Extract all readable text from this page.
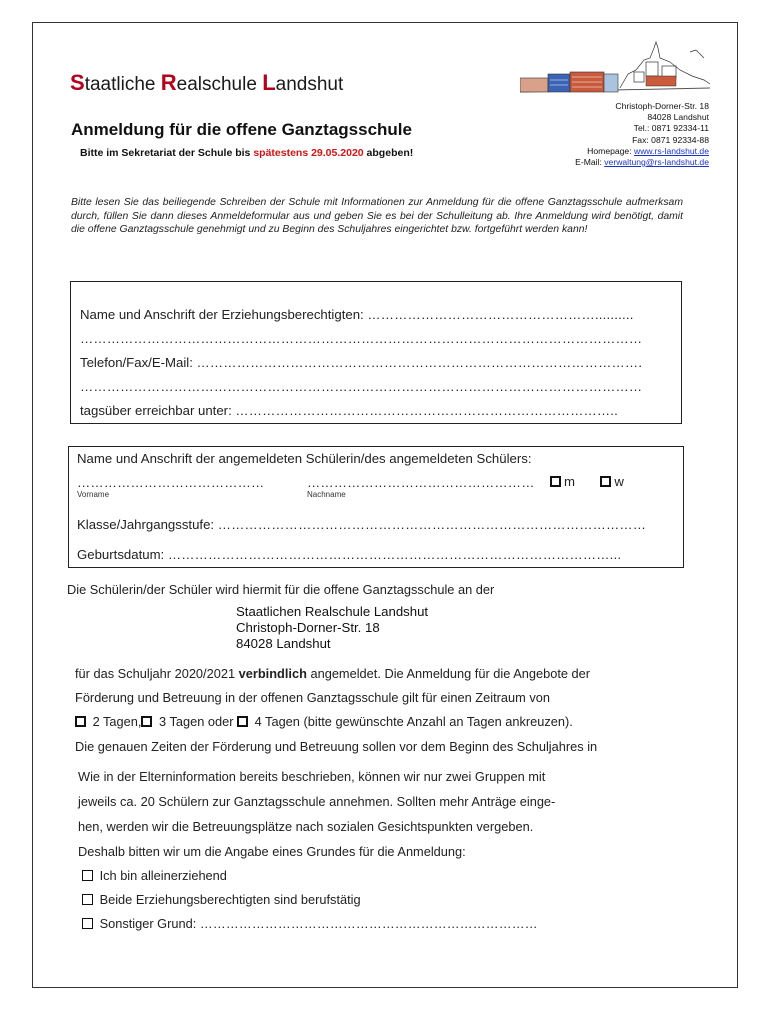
Staatliche Realschule Landshut
Christoph-Dorner-Str. 18
84028 Landshut
Tel.: 0871 92334-11
Fax: 0871 92334-88
Homepage: www.rs-landshut.de
E-Mail: verwaltung@rs-landshut.de
Anmeldung für die offene Ganztagsschule
Bitte im Sekretariat der Schule bis spätestens 29.05.2020 abgeben!
Bitte lesen Sie das beiliegende Schreiben der Schule mit Informationen zur Anmeldung für die offene Ganztagsschule aufmerksam durch, füllen Sie dann dieses Anmeldeformular aus und geben Sie es bei der Schulleitung ab. Ihre Anmeldung wird benötigt, damit die offene Ganztagsschule genehmigt und zu Beginn des Schuljahres eingerichtet bzw. fortgeführt werden kann!
Name und Anschrift der Erziehungsberechtigten: ……………………………………………..........
………………………………………………………………………………………………………………
Telefon/Fax/E-Mail: ……………………………………………………………………………………….
………………………………………………………………………………………………………………
tagsüber erreichbar unter: …………………………………………………………………………..
Name und Anschrift der angemeldeten Schülerin/des angemeldeten Schülers:
……………………………………
Vorname
……………………………………………
Nachname
m	w
Klasse/Jahrgangsstufe: ……………………………………………………………………………………
Geburtsdatum: ………………………………………………………………………………………...
Die Schülerin/der Schüler wird hiermit für die offene Ganztagsschule an der
Staatlichen Realschule Landshut
Christoph-Dorner-Str. 18
84028 Landshut
für das Schuljahr 2020/2021 verbindlich angemeldet. Die Anmeldung für die Angebote der
Förderung und Betreuung in der offenen Ganztagsschule gilt für einen Zeitraum von
2 Tagen, 3 Tagen oder 4 Tagen (bitte gewünschte Anzahl an Tagen ankreuzen).
Die genauen Zeiten der Förderung und Betreuung sollen vor dem Beginn des Schuljahres in
Wie in der Elterninformation bereits beschrieben, können wir nur zwei Gruppen mit
jeweils ca. 20 Schülern zur Ganztagsschule annehmen. Sollten mehr Anträge einge-
hen, werden wir die Betreuungsplätze nach sozialen Gesichtspunkten vergeben.
Deshalb bitten wir um die Angabe eines Grundes für die Anmeldung:
Ich bin alleinerziehend
Beide Erziehungsberechtigten sind berufstätig
Sonstiger Grund: ……………………………………………………………………
